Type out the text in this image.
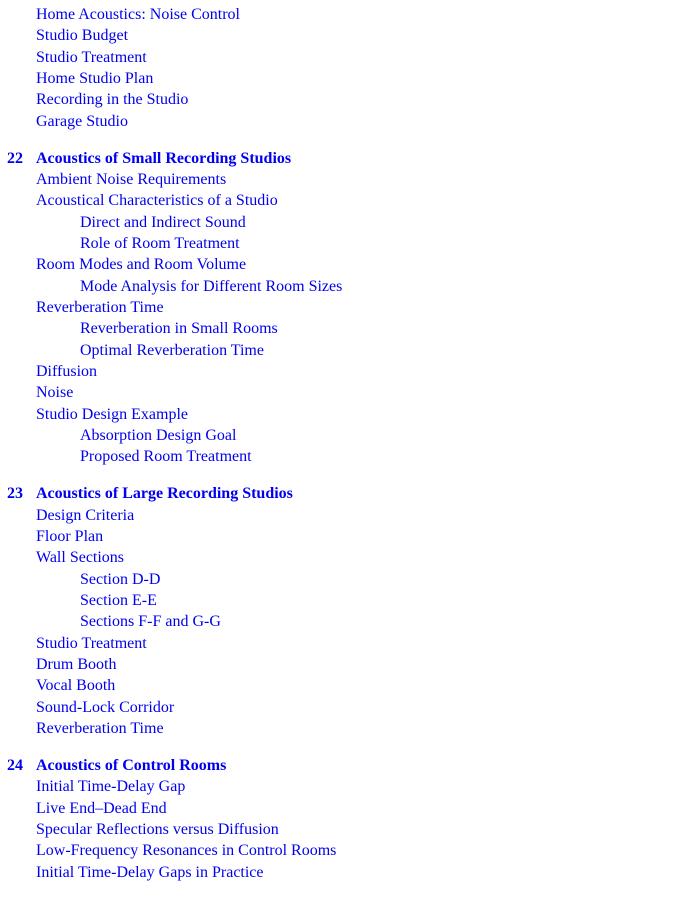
Home Acoustics: Noise Control
Studio Budget
Studio Treatment
Home Studio Plan
Recording in the Studio
Garage Studio
22 Acoustics of Small Recording Studios
Ambient Noise Requirements
Acoustical Characteristics of a Studio
Direct and Indirect Sound
Role of Room Treatment
Room Modes and Room Volume
Mode Analysis for Different Room Sizes
Reverberation Time
Reverberation in Small Rooms
Optimal Reverberation Time
Diffusion
Noise
Studio Design Example
Absorption Design Goal
Proposed Room Treatment
23 Acoustics of Large Recording Studios
Design Criteria
Floor Plan
Wall Sections
Section D-D
Section E-E
Sections F-F and G-G
Studio Treatment
Drum Booth
Vocal Booth
Sound-Lock Corridor
Reverberation Time
24 Acoustics of Control Rooms
Initial Time-Delay Gap
Live End–Dead End
Specular Reflections versus Diffusion
Low-Frequency Resonances in Control Rooms
Initial Time-Delay Gaps in Practice
